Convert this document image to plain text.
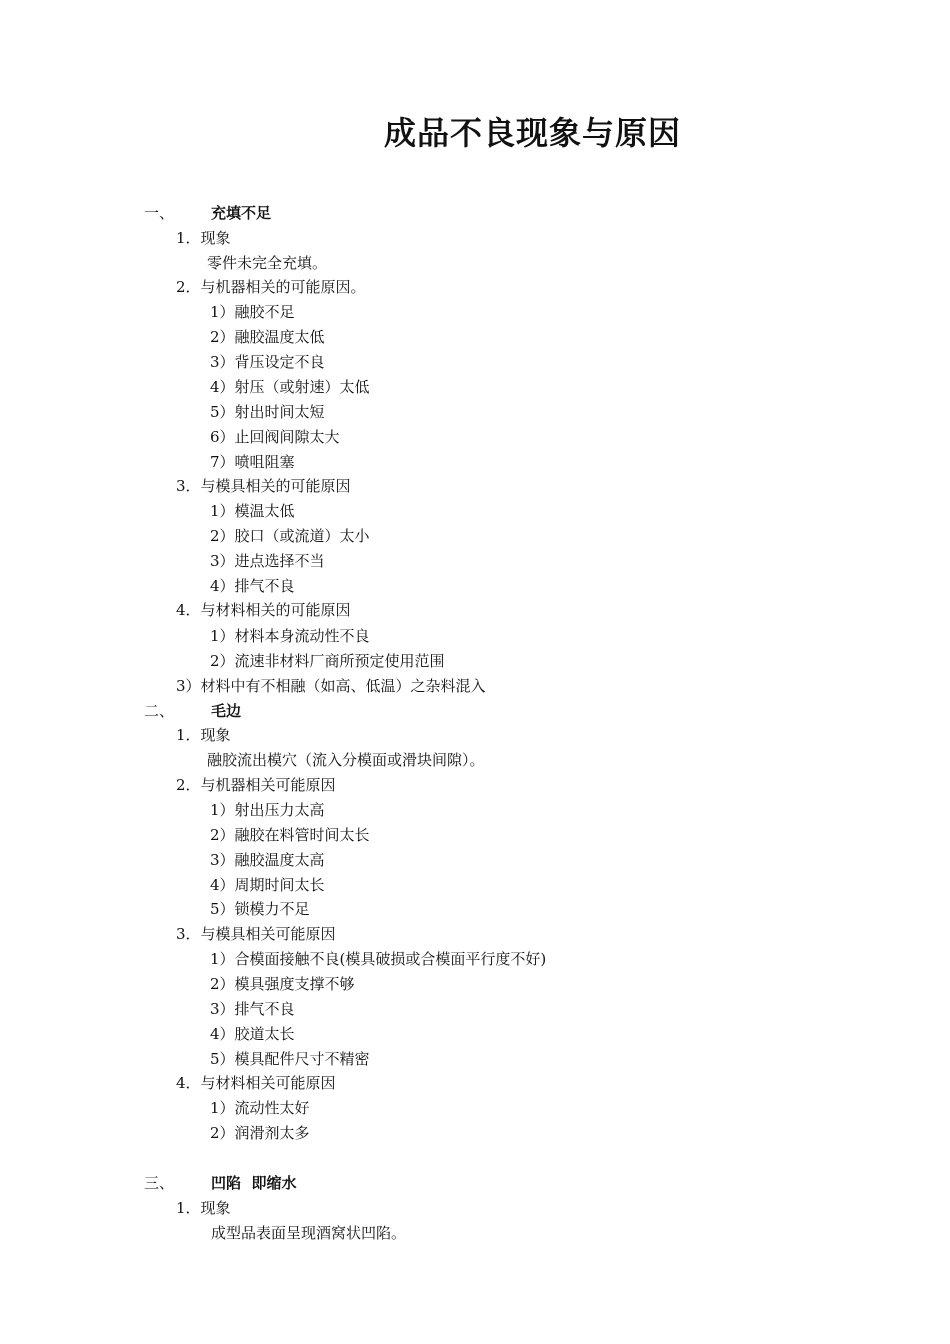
成品不良现象与原因
一、 充填不足
1．现象
零件未完全充填。
2．与机器相关的可能原因。
1）融胶不足
2）融胶温度太低
3）背压设定不良
4）射压（或射速）太低
5）射出时间太短
6）止回阀间隙太大
7）喷咀阻塞
3．与模具相关的可能原因
1）模温太低
2）胶口（或流道）太小
3）进点选择不当
4）排气不良
4．与材料相关的可能原因
1）材料本身流动性不良
2）流速非材料厂商所预定使用范围
3）材料中有不相融（如高、低温）之杂料混入
二、 毛边
1．现象
融胶流出模穴（流入分模面或滑块间隙）。
2．与机器相关可能原因
1）射出压力太高
2）融胶在料管时间太长
3）融胶温度太高
4）周期时间太长
5）锁模力不足
3．与模具相关可能原因
1）合模面接触不良(模具破损或合模面平行度不好)
2）模具强度支撑不够
3）排气不良
4）胶道太长
5）模具配件尺寸不精密
4．与材料相关可能原因
1）流动性太好
2）润滑剂太多
三、 凹陷  即缩水
1．现象
成型品表面呈现酒窝状凹陷。
